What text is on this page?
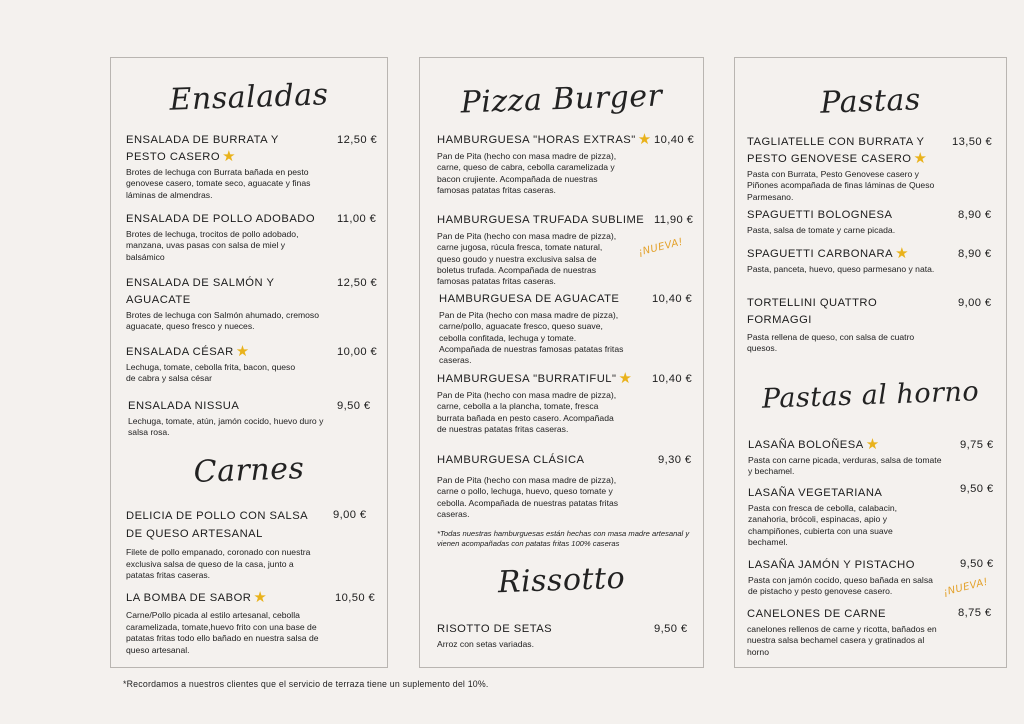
Ensaladas
ENSALADA DE BURRATA Y PESTO CASERO ★
Brotes de lechuga con Burrata bañada en pesto genovese casero, tomate seco, aguacate y finas láminas de almendras.
12,50 €
ENSALADA DE POLLO ADOBADO
Brotes de lechuga, trocitos de pollo adobado, manzana, uvas pasas con salsa de miel y balsámico
11,00 €
ENSALADA DE SALMÓN Y AGUACATE
Brotes de lechuga con Salmón ahumado, cremoso aguacate, queso fresco y nueces.
12,50 €
ENSALADA CÉSAR ★
Lechuga, tomate, cebolla frita, bacon, queso de cabra y salsa césar
10,00 €
ENSALADA NISSUA
Lechuga, tomate, atún, jamón cocido, huevo duro y salsa rosa.
9,50 €
Carnes
DELICIA DE POLLO CON SALSA DE QUESO ARTESANAL
Filete de pollo empanado, coronado con nuestra exclusiva salsa de queso de la casa, junto a patatas fritas caseras.
9,00 €
LA BOMBA DE SABOR ★
Carne/Pollo picada al estilo artesanal, cebolla caramelizada, tomate,huevo frito con una base de patatas fritas todo ello bañado en nuestra salsa de queso artesanal.
10,50 €
Pizza Burger
HAMBURGUESA "HORAS EXTRAS" ★
Pan de Pita (hecho con masa madre de pizza), carne, queso de cabra, cebolla caramelizada y bacon crujiente. Acompañada de nuestras famosas patatas fritas caseras.
10,40 €
HAMBURGUESA TRUFADA SUBLIME
Pan de Pita (hecho con masa madre de pizza), carne jugosa, rúcula fresca, tomate natural, queso goudo y nuestra exclusiva salsa de boletus trufada. Acompañada de nuestras famosas patatas fritas caseras.
11,90 €
¡NUEVA!
HAMBURGUESA DE AGUACATE
Pan de Pita (hecho con masa madre de pizza), carne/pollo, aguacate fresco, queso suave, cebolla confitada, lechuga y tomate. Acompañada de nuestras famosas patatas fritas caseras.
10,40 €
HAMBURGUESA "BURRATIFUL" ★
Pan de Pita (hecho con masa madre de pizza), carne, cebolla a la plancha, tomate, fresca burrata bañada en pesto casero. Acompañada de nuestras patatas fritas caseras.
10,40 €
HAMBURGUESA CLÁSICA
Pan de Pita (hecho con masa madre de pizza), carne o pollo, lechuga, huevo, queso tomate y cebolla. Acompañada de nuestras patatas fritas caseras.
9,30 €
*Todas nuestras hamburguesas están hechas con masa madre artesanal y vienen acompañadas con patatas fritas 100% caseras
Rissotto
RISOTTO DE SETAS
Arroz con setas variadas.
9,50 €
Pastas
TAGLIATELLE CON BURRATA Y PESTO GENOVESE CASERO ★
Pasta con Burrata, Pesto Genovese casero y Piñones acompañada de finas láminas de Queso Parmesano.
13,50 €
SPAGUETTI BOLOGNESA
Pasta, salsa de tomate y carne picada.
8,90 €
SPAGUETTI CARBONARA ★
Pasta, panceta, huevo, queso parmesano y nata.
8,90 €
TORTELLINI QUATTRO FORMAGGI
Pasta rellena de queso, con salsa de cuatro quesos.
9,00 €
Pastas al horno
LASAÑA BOLOÑESA ★
Pasta con carne picada, verduras, salsa de tomate y bechamel.
9,75 €
LASAÑA VEGETARIANA
Pasta con fresca de cebolla, calabacin, zanahoria, brócoli, espinacas, apio y champiñones, cubierta con una suave bechamel.
9,50 €
LASAÑA JAMÓN Y PISTACHO
Pasta con jamón cocido, queso bañada en salsa de pistacho y pesto genovese casero.
9,50 €
¡NUEVA!
CANELONES DE CARNE
canelones rellenos de carne y ricotta, bañados en nuestra salsa bechamel casera y gratinados al horno
8,75 €
*Recordamos a nuestros clientes que el servicio de terraza tiene un suplemento del 10%.
